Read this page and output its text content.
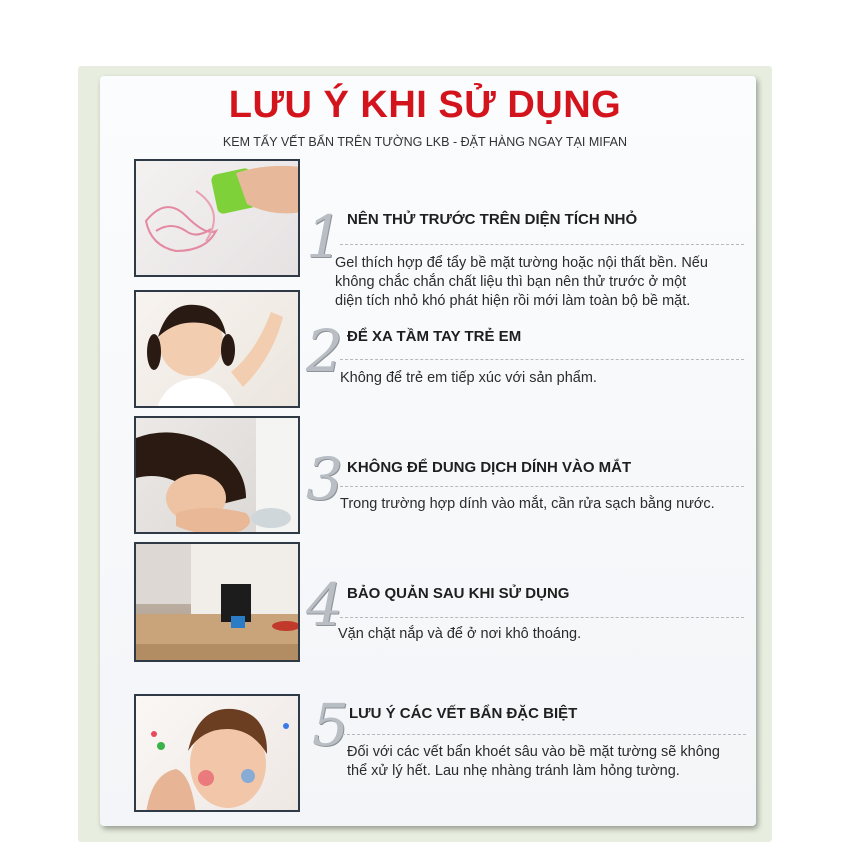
LƯU Ý KHI SỬ DỤNG
KEM TẨY VẾT BẨN TRÊN TƯỜNG LKB - ĐẶT HÀNG NGAY TẠI MIFAN
1 NÊN THỬ TRƯỚC TRÊN DIỆN TÍCH NHỎ
Gel thích hợp để tẩy bề mặt tường hoặc nội thất bền. Nếu
không chắc chắn chất liệu thì bạn nên thử trước ở một
diện tích nhỏ khó phát hiện rồi mới làm toàn bộ bề mặt.
2 ĐỂ XA TẦM TAY TRẺ EM
Không để trẻ em tiếp xúc với sản phẩm.
3 KHÔNG ĐỂ DUNG DỊCH DÍNH VÀO MẮT
Trong trường hợp dính vào mắt, cần rửa sạch bằng nước.
4 BẢO QUẢN SAU KHI SỬ DỤNG
Vặn chặt nắp và để ở nơi khô thoáng.
5 LƯU Ý CÁC VẾT BẨN ĐẶC BIỆT
Đối với các vết bẩn khoét sâu vào bề mặt tường sẽ không
thể xử lý hết. Lau nhẹ nhàng tránh làm hỏng tường.
